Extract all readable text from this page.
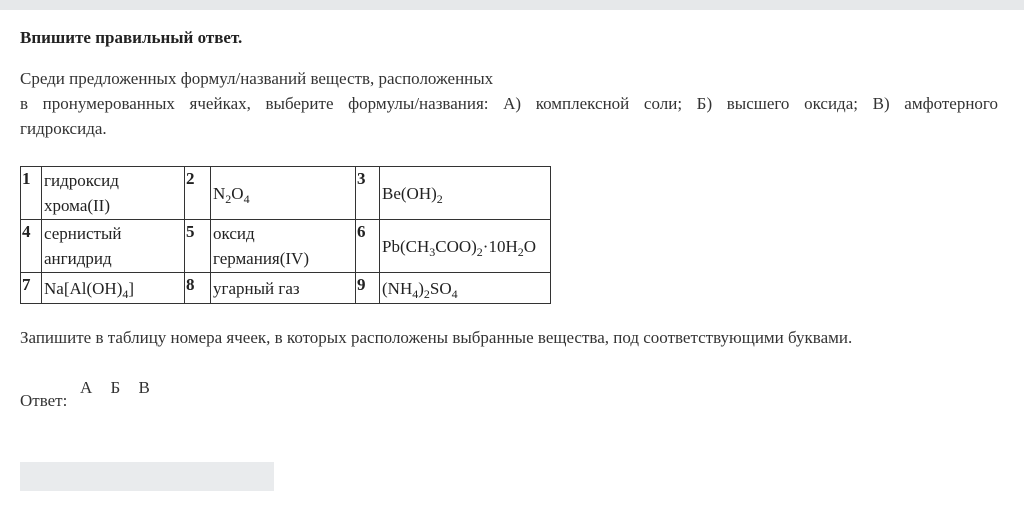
Впишите правильный ответ.
Среди предложенных формул/названий веществ, расположенных
в пронумерованных ячейках, выберите формулы/названия: А) комплексной соли; Б) высшего оксида; В) амфотерного
гидроксида.
1	гидроксид хрома(II)	2	$N_2O_4$	3	$Be(OH)_2$
4	сернистый ангидрид	5	оксид германия(IV)	6	$Pb(CH_3COO)_2\cdot 10H_2O$
7	$Na[Al(OH)_4]$	8	угарный газ	9	$(NH_4)_2SO_4$
Запишите в таблицу номера ячеек, в которых расположены выбранные вещества, под соответствующими буквами.
Ответ:
А Б В
